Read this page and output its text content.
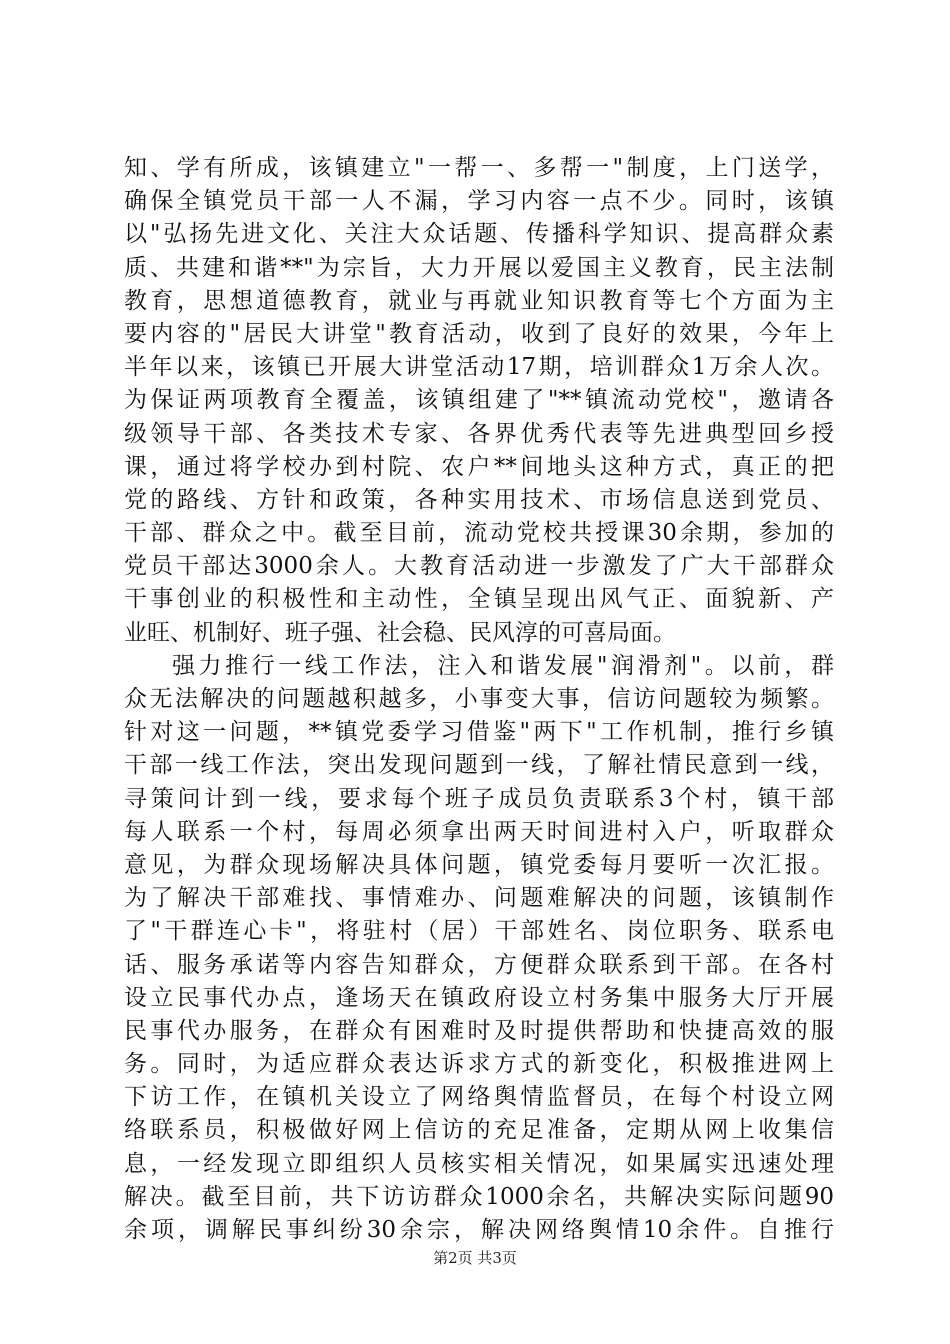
知、学有所成，该镇建立"一帮一、多帮一"制度，上门送学，
确保全镇党员干部一人不漏，学习内容一点不少。同时，该镇
以"弘扬先进文化、关注大众话题、传播科学知识、提高群众素
质、共建和谐**"为宗旨，大力开展以爱国主义教育，民主法制
教育，思想道德教育，就业与再就业知识教育等七个方面为主
要内容的"居民大讲堂"教育活动，收到了良好的效果，今年上
半年以来，该镇已开展大讲堂活动17期，培训群众1万余人次。
为保证两项教育全覆盖，该镇组建了"**镇流动党校"，邀请各
级领导干部、各类技术专家、各界优秀代表等先进典型回乡授
课，通过将学校办到村院、农户**间地头这种方式，真正的把
党的路线、方针和政策，各种实用技术、市场信息送到党员、
干部、群众之中。截至目前，流动党校共授课30余期，参加的
党员干部达3000余人。大教育活动进一步激发了广大干部群众
干事创业的积极性和主动性，全镇呈现出风气正、面貌新、产
业旺、机制好、班子强、社会稳、民风淳的可喜局面。
强力推行一线工作法，注入和谐发展"润滑剂"。以前，群
众无法解决的问题越积越多，小事变大事，信访问题较为频繁。
针对这一问题，**镇党委学习借鉴"两下"工作机制，推行乡镇
干部一线工作法，突出发现问题到一线，了解社情民意到一线，
寻策问计到一线，要求每个班子成员负责联系3个村，镇干部
每人联系一个村，每周必须拿出两天时间进村入户，听取群众
意见，为群众现场解决具体问题，镇党委每月要听一次汇报。
为了解决干部难找、事情难办、问题难解决的问题，该镇制作
了"干群连心卡"，将驻村（居）干部姓名、岗位职务、联系电
话、服务承诺等内容告知群众，方便群众联系到干部。在各村
设立民事代办点，逢场天在镇政府设立村务集中服务大厅开展
民事代办服务，在群众有困难时及时提供帮助和快捷高效的服
务。同时，为适应群众表达诉求方式的新变化，积极推进网上
下访工作，在镇机关设立了网络舆情监督员，在每个村设立网
络联系员，积极做好网上信访的充足准备，定期从网上收集信
息，一经发现立即组织人员核实相关情况，如果属实迅速处理
解决。截至目前，共下访访群众1000余名，共解决实际问题90
余项，调解民事纠纷30余宗，解决网络舆情10余件。自推行
第2页 共3页
